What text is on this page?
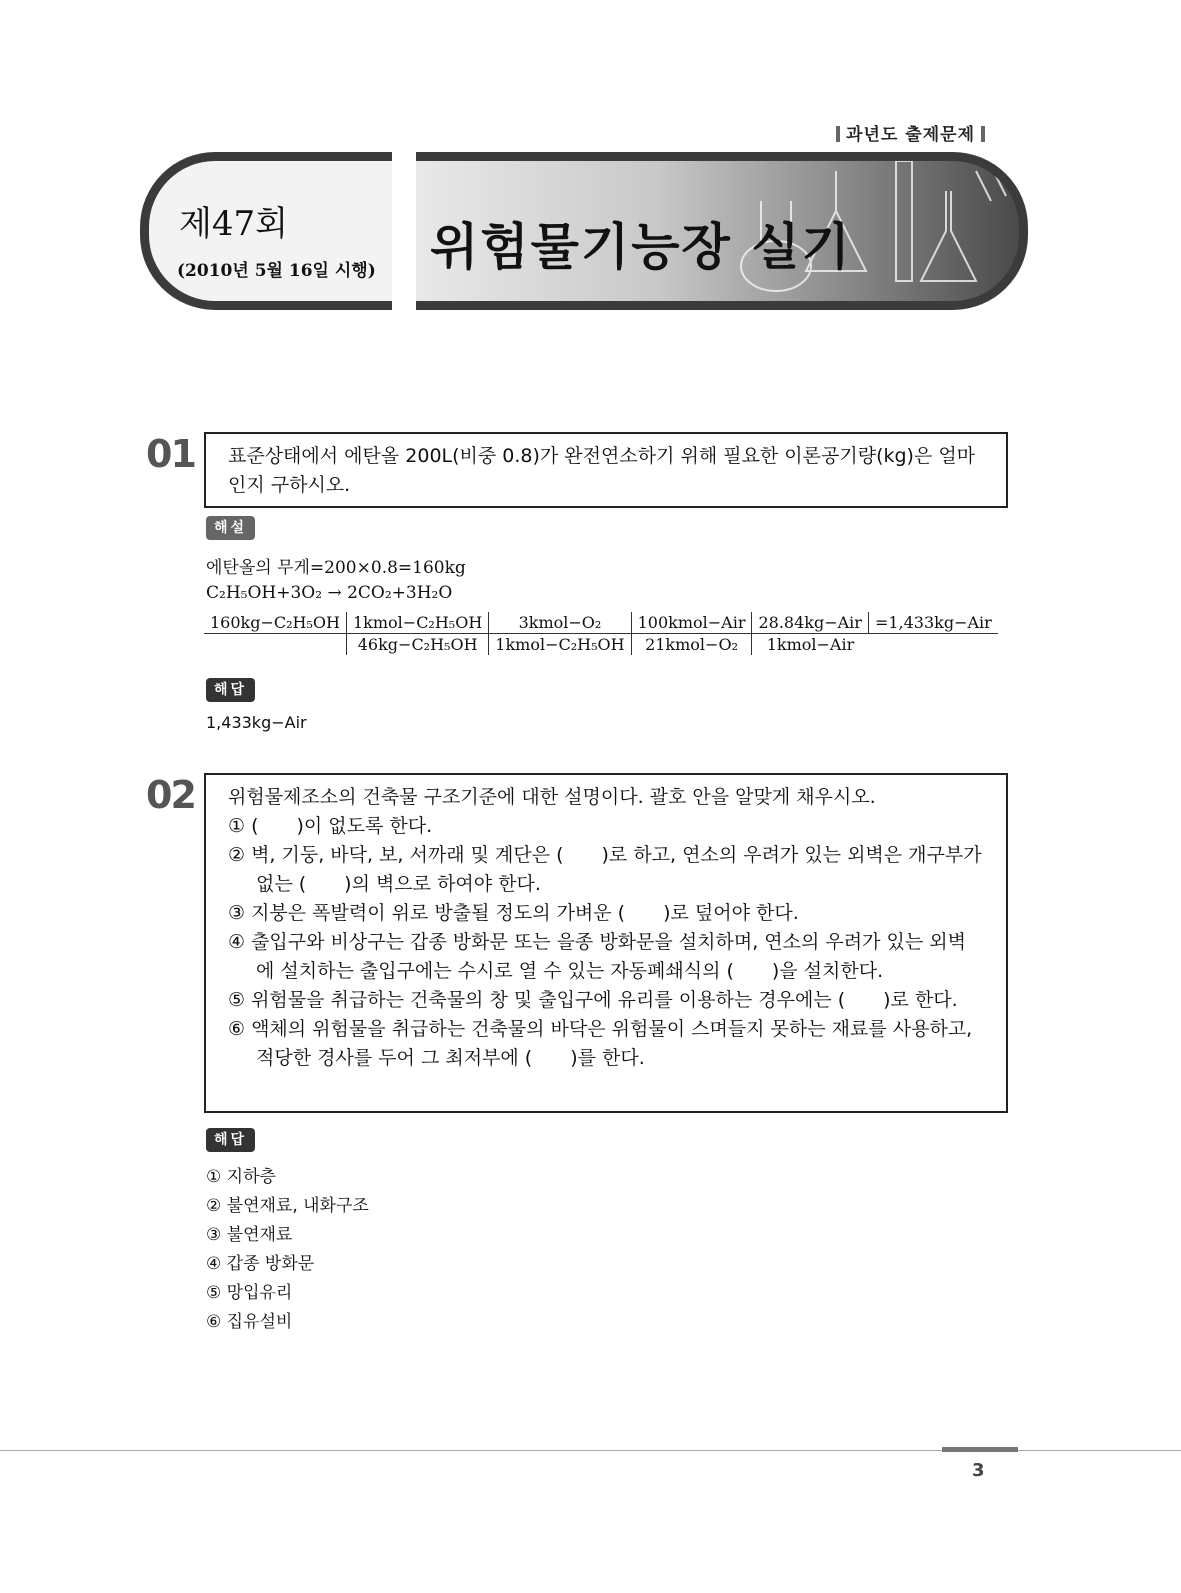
과년도 출제문제
제47회
(2010년 5월 16일 시행) 위험물기능장 실기
01 표준상태에서 에탄올 200L(비중 0.8)가 완전연소하기 위해 필요한 이론공기량(kg)은 얼마인지 구하시오.
해설
에탄올의 무게=200×0.8=160kg
C₂H₅OH+3O₂ → 2CO₂+3H₂O
160kg−C₂H₅OH	1kmol−C₂H₅OH	3kmol−O₂	100kmol−Air	28.84kg−Air	=1,433kg−Air
	46kg−C₂H₅OH	1kmol−C₂H₅OH	21kmol−O₂	1kmol−Air	
해답
1,433kg−Air
02 위험물제조소의 건축물 구조기준에 대한 설명이다. 괄호 안을 알맞게 채우시오.
① (　　)이 없도록 한다.
② 벽, 기둥, 바닥, 보, 서까래 및 계단은 (　　)로 하고, 연소의 우려가 있는 외벽은 개구부가 없는 (　　)의 벽으로 하여야 한다.
③ 지붕은 폭발력이 위로 방출될 정도의 가벼운 (　　)로 덮어야 한다.
④ 출입구와 비상구는 갑종 방화문 또는 을종 방화문을 설치하며, 연소의 우려가 있는 외벽에 설치하는 출입구에는 수시로 열 수 있는 자동폐쇄식의 (　　)을 설치한다.
⑤ 위험물을 취급하는 건축물의 창 및 출입구에 유리를 이용하는 경우에는 (　　)로 한다.
⑥ 액체의 위험물을 취급하는 건축물의 바닥은 위험물이 스며들지 못하는 재료를 사용하고, 적당한 경사를 두어 그 최저부에 (　　)를 한다.
해답
① 지하층
② 불연재료, 내화구조
③ 불연재료
④ 갑종 방화문
⑤ 망입유리
⑥ 집유설비
3
